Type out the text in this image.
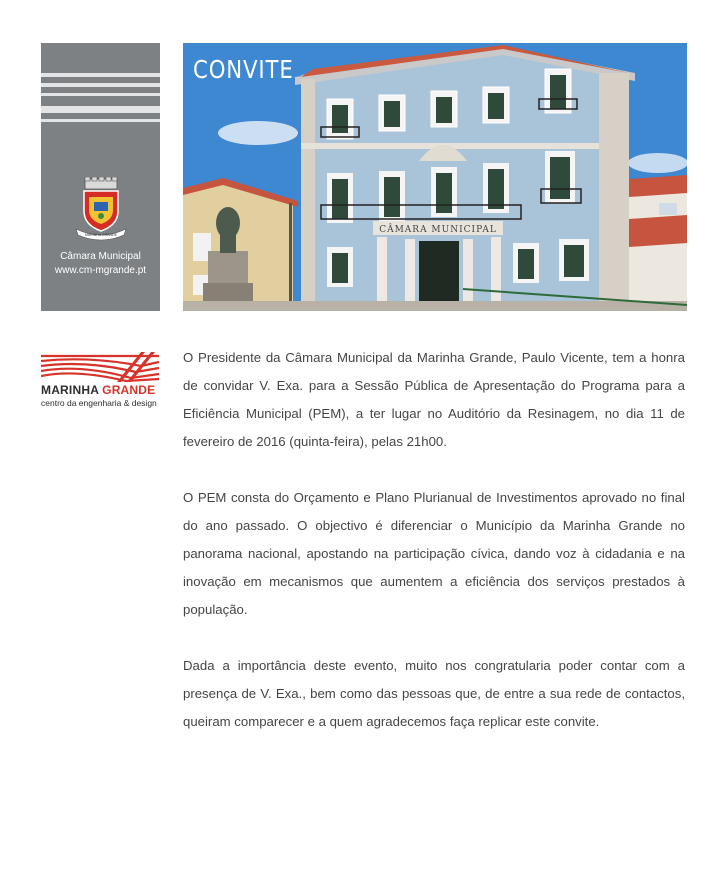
MARINHA GRANDE
Câmara Municipal
www.cm-mgrande.pt
CÂMARA MUNICIPAL
CONVITE
MARINHA GRANDE
centro da engenharia & design

O Presidente da Câmara Municipal da Marinha Grande, Paulo Vicente, tem a honra de convidar V. Exa. para a Sessão Pública de Apresentação do Programa para a Eficiência Municipal (PEM), a ter lugar no Auditório da Resinagem, no dia 11 de fevereiro de 2016 (quinta-feira), pelas 21h00.

O PEM consta do Orçamento e Plano Plurianual de Investimentos aprovado no final do ano passado. O objectivo é diferenciar o Município da Marinha Grande no panorama nacional, apostando na participação cívica, dando voz à cidadania e na inovação em mecanismos que aumentem a eficiência dos serviços prestados à população.

Dada a importância deste evento, muito nos congratularia poder contar com a presença de V. Exa., bem como das pessoas que, de entre a sua rede de contactos, queiram comparecer e a quem agradecemos faça replicar este convite.
